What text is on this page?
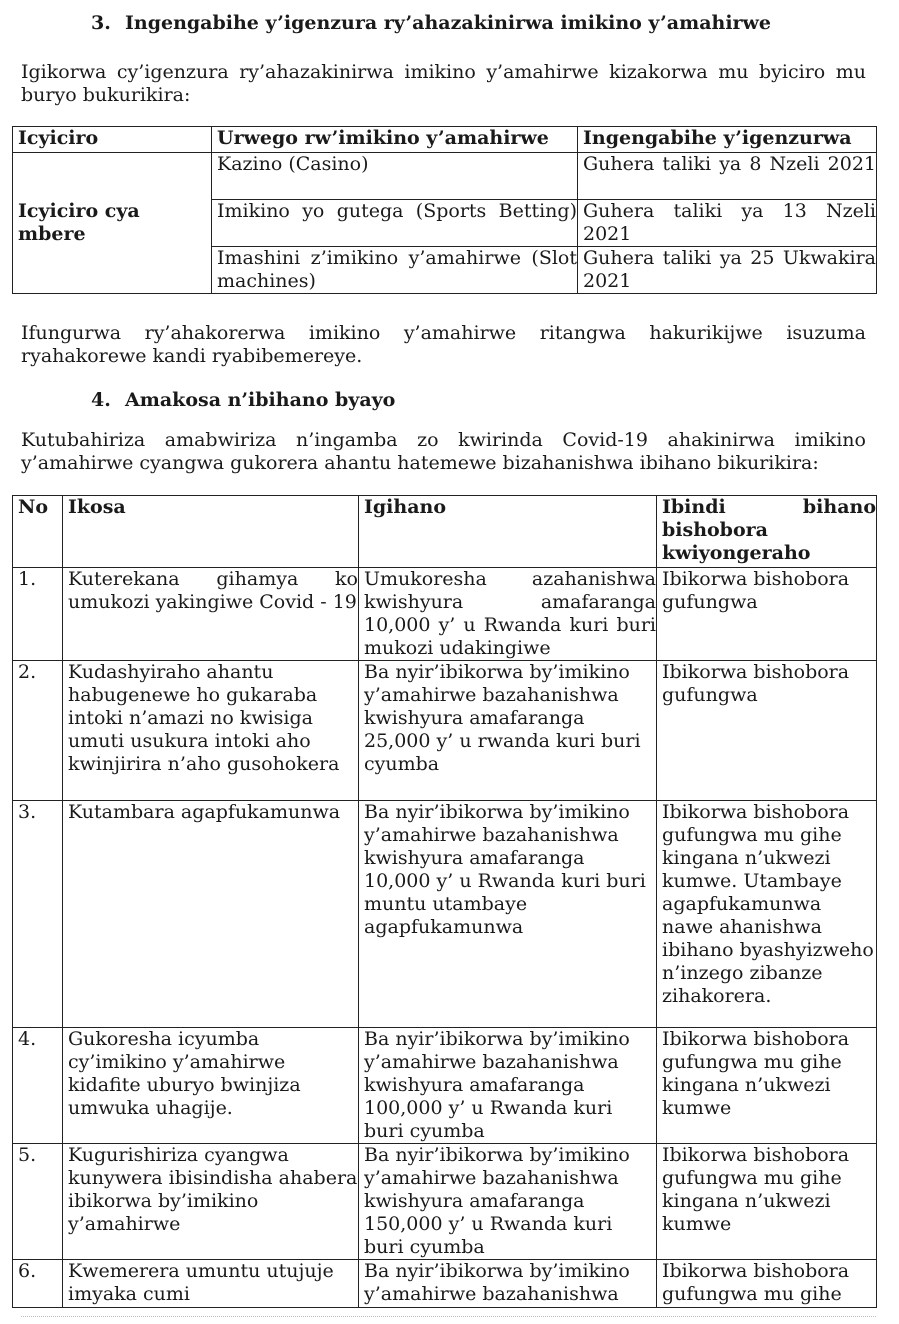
3. Ingengabihe y’igenzura ry’ahazakinirwa imikino y’amahirwe

Igikorwa cy’igenzura ry’ahazakinirwa imikino y’amahirwe kizakorwa mu byiciro mu buryo bukurikira:

Icyiciro	Urwego rw’imikino y’amahirwe	Ingengabihe y’igenzurwa
Icyiciro cya mbere	Kazino (Casino)	Guhera taliki ya 8 Nzeli 2021
	Imikino yo gutega (Sports Betting)	Guhera taliki ya 13 Nzeli 2021
	Imashini z’imikino y’amahirwe (Slot machines)	Guhera taliki ya 25 Ukwakira 2021

Ifungurwa ry’ahakorerwa imikino y’amahirwe ritangwa hakurikijwe isuzuma ryahakorewe kandi ryabibemereye.

4. Amakosa n’ibihano byayo

Kutubahiriza amabwiriza n’ingamba zo kwirinda Covid-19 ahakinirwa imikino y’amahirwe cyangwa gukorera ahantu hatemewe bizahanishwa ibihano bikurikira:

No	Ikosa	Igihano	Ibindi bihano bishobora kwiyongeraho
1.	Kuterekana gihamya ko umukozi yakingiwe Covid - 19	Umukoresha azahanishwa kwishyura amafaranga 10,000 y’ u Rwanda kuri buri mukozi udakingiwe	Ibikorwa bishobora gufungwa
2.	Kudashyiraho ahantu habugenewe ho gukaraba intoki n’amazi no kwisiga umuti usukura intoki aho kwinjirira n’aho gusohokera	Ba nyir’ibikorwa by’imikino y’amahirwe bazahanishwa kwishyura amafaranga 25,000 y’ u rwanda kuri buri cyumba	Ibikorwa bishobora gufungwa
3.	Kutambara agapfukamunwa	Ba nyir’ibikorwa by’imikino y’amahirwe bazahanishwa kwishyura amafaranga 10,000 y’ u Rwanda kuri buri muntu utambaye agapfukamunwa	Ibikorwa bishobora gufungwa mu gihe kingana n’ukwezi kumwe. Utambaye agapfukamunwa nawe ahanishwa ibihano byashyizweho n’inzego zibanze zihakorera.
4.	Gukoresha icyumba cy’imikino y’amahirwe kidafite uburyo bwinjiza umwuka uhagije.	Ba nyir’ibikorwa by’imikino y’amahirwe bazahanishwa kwishyura amafaranga 100,000 y’ u Rwanda kuri buri cyumba	Ibikorwa bishobora gufungwa mu gihe kingana n’ukwezi kumwe
5.	Kugurishiriza cyangwa kunywera ibisindisha ahabera ibikorwa by’imikino y’amahirwe	Ba nyir’ibikorwa by’imikino y’amahirwe bazahanishwa kwishyura amafaranga 150,000 y’ u Rwanda kuri buri cyumba	Ibikorwa bishobora gufungwa mu gihe kingana n’ukwezi kumwe
6.	Kwemerera umuntu utujuje imyaka cumi	Ba nyir’ibikorwa by’imikino y’amahirwe bazahanishwa	Ibikorwa bishobora gufungwa mu gihe
